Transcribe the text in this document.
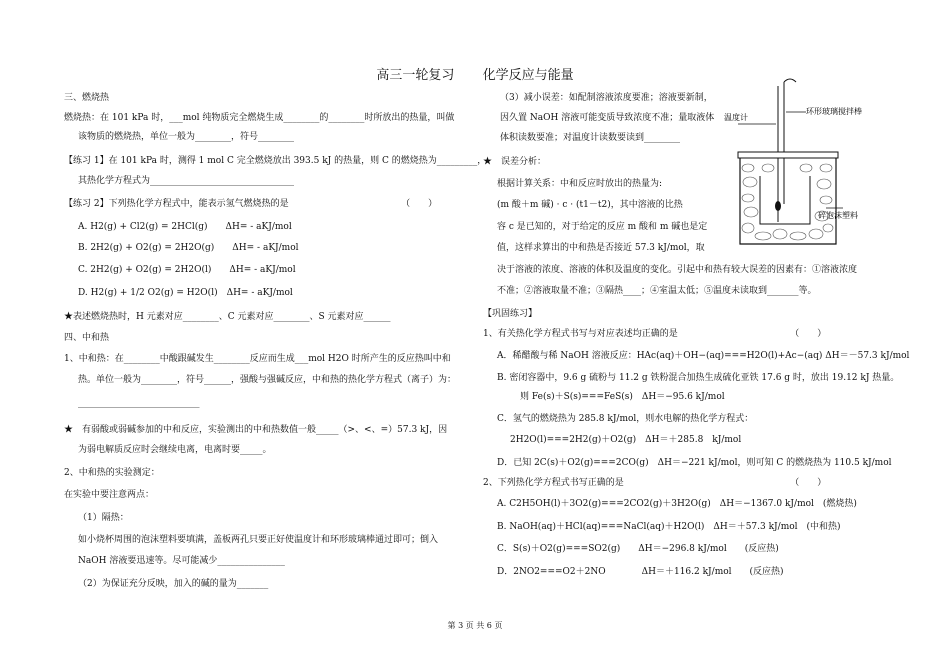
高三一轮复习 化学反应与能量
三、燃烧热
燃烧热：在 101 kPa 时，___mol 纯物质完全燃烧生成________的________时所放出的热量，叫做
该物质的燃烧热，单位一般为________，符号________
【练习 1】在 101 kPa 时，测得 1 mol C 完全燃烧放出 393.5 kJ 的热量，则 C 的燃烧热为_________，
其热化学方程式为________________________________
【练习 2】下列热化学方程式中，能表示氢气燃烧热的是　　　　　　　　　　　　　（　　）
A. H2(g) + Cl2(g) = 2HCl(g)　　ΔH= - aKJ/mol
B. 2H2(g) + O2(g) = 2H2O(g)　　ΔH= - aKJ/mol
C. 2H2(g) + O2(g) = 2H2O(l)　　ΔH= - aKJ/mol
D. H2(g) + 1/2 O2(g) = H2O(l)　ΔH= - aKJ/mol
★表述燃烧热时，H 元素对应________、C 元素对应________、S 元素对应______
四、中和热
1、中和热：在________中酸跟碱发生________反应而生成___mol H2O 时所产生的反应热叫中和
热。单位一般为________，符号______，强酸与强碱反应，中和热的热化学方程式（离子）为：
___________________________
★　有弱酸或弱碱参加的中和反应，实验测出的中和热数值一般_____（>、<、=）57.3 kJ，因
为弱电解质反应时会继续电离，电离时要_____。
2、中和热的实验测定：
在实验中要注意两点：
（1）隔热：
如小烧杯周围的泡沫塑料要填满，盖板两孔只要正好使温度计和环形玻璃棒通过即可；倒入
NaOH 溶液要迅速等。尽可能减少_______________
（2）为保证充分反映，加入的碱的量为_______
（3）减小误差：如配制溶液浓度要准；溶液要新制，
因久置 NaOH 溶液可能变质导致浓度不准；量取液体
体积读数要准；对温度计读数要读到________
★　误差分析：
根据计算关系：中和反应时放出的热量为:
(m 酸＋m 碱) · c · (t1－t2)，其中溶液的比热
容 c 是已知的，对于给定的反应 m 酸和 m 碱也是定
值，这样求算出的中和热是否接近 57.3 kJ/mol，取
决于溶液的浓度、溶液的体积及温度的变化。引起中和热有较大误差的因素有：①溶液浓度
不准；②溶液取量不准；③隔热____；④室温太低；⑤温度未读取到_______等。
【巩固练习】
1、有关热化学方程式书写与对应表述均正确的是　　　　　　　　　　　　　（　　）
A．稀醋酸与稀 NaOH 溶液反应：HAc(aq)＋OH−(aq)===H2O(l)+Ac−(aq) ΔH＝－57.3 kJ/mol
B. 密闭容器中，9.6 g 硫粉与 11.2 g 铁粉混合加热生成硫化亚铁 17.6 g 时，放出 19.12 kJ 热量。
则 Fe(s)＋S(s)===FeS(s)　ΔH＝−95.6 kJ/mol
C．氢气的燃烧热为 285.8 kJ/mol，则水电解的热化学方程式：
2H2O(l)===2H2(g)＋O2(g)　ΔH＝＋285.8　kJ/mol
D．已知 2C(s)＋O2(g)===2CO(g)　ΔH＝−221 kJ/mol，则可知 C 的燃烧热为 110.5 kJ/mol
2、下列热化学方程式书写正确的是　　　　　　　　　　　　　　　　　　　（　　）
A. C2H5OH(l)＋3O2(g)===2CO2(g)＋3H2O(g)　ΔH＝−1367.0 kJ/mol　(燃烧热)
B. NaOH(aq)＋HCl(aq)===NaCl(aq)＋H2O(l)　ΔH＝＋57.3 kJ/mol　(中和热)
C．S(s)＋O2(g)===SO2(g)　　ΔH＝−296.8 kJ/mol　　(反应热)
D．2NO2===O2＋2NO　　　　ΔH＝＋116.2 kJ/mol　　(反应热)
温度计
环形玻璃搅拌棒
碎泡沫塑料
第 3 页 共 6 页
